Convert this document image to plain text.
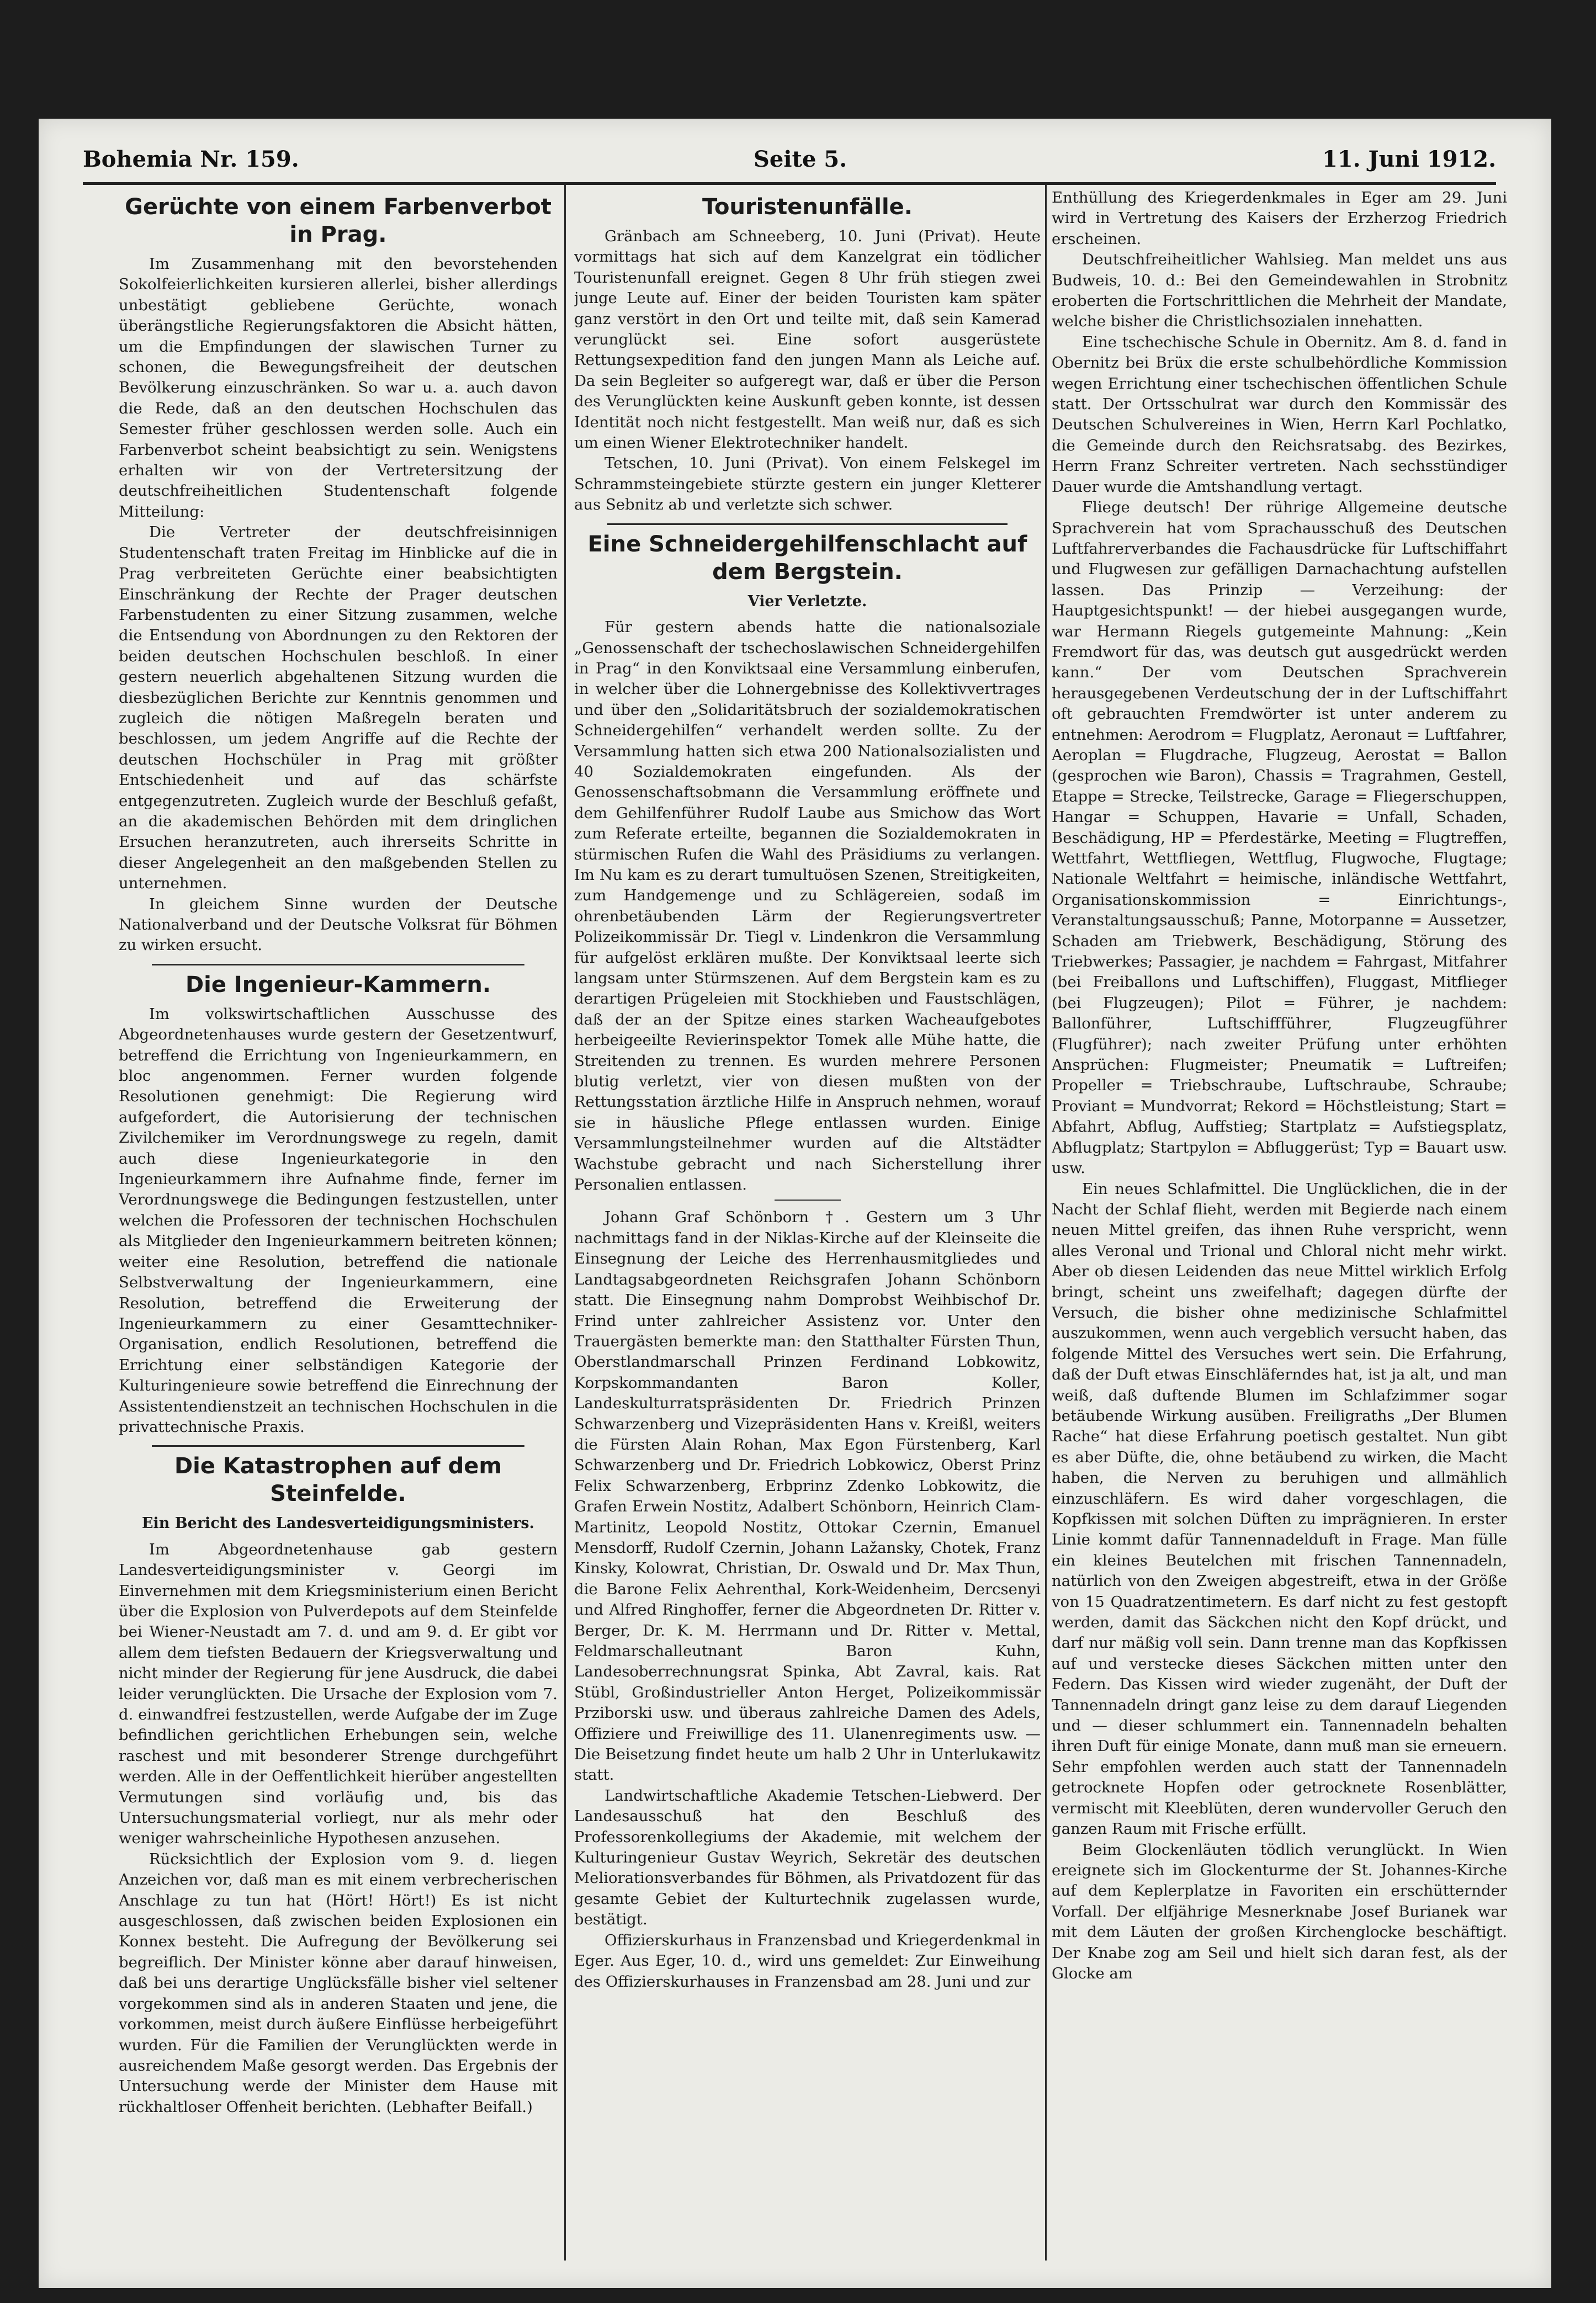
Bohemia Nr. 159.	Seite 5.	11. Juni 1912.
Gerüchte von einem Farbenverbot in Prag.

Im Zusammenhang mit den bevorstehenden Sokolfeierlichkeiten kursieren allerlei, bisher allerdings unbestätigt gebliebene Gerüchte, wonach überängstliche Regierungsfaktoren die Absicht hätten, um die Empfindungen der slawischen Turner zu schonen, die Bewegungsfreiheit der deutschen Bevölkerung einzuschränken. So war u. a. auch davon die Rede, daß an den deutschen Hochschulen das Semester früher geschlossen werden solle. Auch ein Farbenverbot scheint beabsichtigt zu sein. Wenigstens erhalten wir von der Vertretersitzung der deutschfreiheitlichen Studentenschaft folgende Mitteilung:

Die Vertreter der deutschfreisinnigen Studentenschaft traten Freitag im Hinblicke auf die in Prag verbreiteten Gerüchte einer beabsichtigten Einschränkung der Rechte der Prager deutschen Farbenstudenten zu einer Sitzung zusammen, welche die Entsendung von Abordnungen zu den Rektoren der beiden deutschen Hochschulen beschloß. In einer gestern neuerlich abgehaltenen Sitzung wurden die diesbezüglichen Berichte zur Kenntnis genommen und zugleich die nötigen Maßregeln beraten und beschlossen, um jedem Angriffe auf die Rechte der deutschen Hochschüler in Prag mit größter Entschiedenheit und auf das schärfste entgegenzutreten. Zugleich wurde der Beschluß gefaßt, an die akademischen Behörden mit dem dringlichen Ersuchen heranzutreten, auch ihrerseits Schritte in dieser Angelegenheit an den maßgebenden Stellen zu unternehmen.

In gleichem Sinne wurden der Deutsche Nationalverband und der Deutsche Volksrat für Böhmen zu wirken ersucht.

Die Ingenieur-Kammern.

Im volkswirtschaftlichen Ausschusse des Abgeordnetenhauses wurde gestern der Gesetzentwurf, betreffend die Errichtung von Ingenieurkammern, en bloc angenommen. Ferner wurden folgende Resolutionen genehmigt: Die Regierung wird aufgefordert, die Autorisierung der technischen Zivilchemiker im Verordnungswege zu regeln, damit auch diese Ingenieurkategorie in den Ingenieurkammern ihre Aufnahme finde, ferner im Verordnungswege die Bedingungen festzustellen, unter welchen die Professoren der technischen Hochschulen als Mitglieder den Ingenieurkammern beitreten können; weiter eine Resolution, betreffend die nationale Selbstverwaltung der Ingenieurkammern, eine Resolution, betreffend die Erweiterung der Ingenieurkammern zu einer Gesamttechniker-Organisation, endlich Resolutionen, betreffend die Errichtung einer selbständigen Kategorie der Kulturingenieure sowie betreffend die Einrechnung der Assistentendienstzeit an technischen Hochschulen in die privattechnische Praxis.

Die Katastrophen auf dem Steinfelde.
Ein Bericht des Landesverteidigungsministers.

Im Abgeordnetenhause gab gestern Landesverteidigungsminister v. Georgi im Einvernehmen mit dem Kriegsministerium einen Bericht über die Explosion von Pulverdepots auf dem Steinfelde bei Wiener-Neustadt am 7. d. und am 9. d. Er gibt vor allem dem tiefsten Bedauern der Kriegsverwaltung und nicht minder der Regierung für jene Ausdruck, die dabei leider verunglückten. Die Ursache der Explosion vom 7. d. einwandfrei festzustellen, werde Aufgabe der im Zuge befindlichen gerichtlichen Erhebungen sein, welche raschest und mit besonderer Strenge durchgeführt werden. Alle in der Oeffentlichkeit hierüber angestellten Vermutungen sind vorläufig und, bis das Untersuchungsmaterial vorliegt, nur als mehr oder weniger wahrscheinliche Hypothesen anzusehen.

Rücksichtlich der Explosion vom 9. d. liegen Anzeichen vor, daß man es mit einem verbrecherischen Anschlage zu tun hat (Hört! Hört!) Es ist nicht ausgeschlossen, daß zwischen beiden Explosionen ein Konnex besteht. Die Aufregung der Bevölkerung sei begreiflich. Der Minister könne aber darauf hinweisen, daß bei uns derartige Unglücksfälle bisher viel seltener vorgekommen sind als in anderen Staaten und jene, die vorkommen, meist durch äußere Einflüsse herbeigeführt wurden. Für die Familien der Verunglückten werde in ausreichendem Maße gesorgt werden. Das Ergebnis der Untersuchung werde der Minister dem Hause mit rückhaltloser Offenheit berichten. (Lebhafter Beifall.)

Touristenunfälle.

Gränbach am Schneeberg, 10. Juni (Privat). Heute vormittags hat sich auf dem Kanzelgrat ein tödlicher Touristenunfall ereignet. Gegen 8 Uhr früh stiegen zwei junge Leute auf. Einer der beiden Touristen kam später ganz verstört in den Ort und teilte mit, daß sein Kamerad verunglückt sei. Eine sofort ausgerüstete Rettungsexpedition fand den jungen Mann als Leiche auf. Da sein Begleiter so aufgeregt war, daß er über die Person des Verunglückten keine Auskunft geben konnte, ist dessen Identität noch nicht festgestellt. Man weiß nur, daß es sich um einen Wiener Elektrotechniker handelt.

Tetschen, 10. Juni (Privat). Von einem Felskegel im Schrammsteingebiete stürzte gestern ein junger Kletterer aus Sebnitz ab und verletzte sich schwer.

Eine Schneidergehilfenschlacht auf dem Bergstein.
Vier Verletzte.

Für gestern abends hatte die nationalsoziale „Genossenschaft der tschechoslawischen Schneidergehilfen in Prag“ in den Konviktsaal eine Versammlung einberufen, in welcher über die Lohnergebnisse des Kollektivvertrages und über den „Solidaritätsbruch der sozialdemokratischen Schneidergehilfen“ verhandelt werden sollte. Zu der Versammlung hatten sich etwa 200 Nationalsozialisten und 40 Sozialdemokraten eingefunden. Als der Genossenschaftsobmann die Versammlung eröffnete und dem Gehilfenführer Rudolf Laube aus Smichow das Wort zum Referate erteilte, begannen die Sozialdemokraten in stürmischen Rufen die Wahl des Präsidiums zu verlangen. Im Nu kam es zu derart tumultuösen Szenen, Streitigkeiten, zum Handgemenge und zu Schlägereien, sodaß im ohrenbetäubenden Lärm der Regierungsvertreter Polizeikommissär Dr. Tiegl v. Lindenkron die Versammlung für aufgelöst erklären mußte. Der Konviktsaal leerte sich langsam unter Stürmszenen. Auf dem Bergstein kam es zu derartigen Prügeleien mit Stockhieben und Faustschlägen, daß der an der Spitze eines starken Wacheaufgebotes herbeigeeilte Revierinspektor Tomek alle Mühe hatte, die Streitenden zu trennen. Es wurden mehrere Personen blutig verletzt, vier von diesen mußten von der Rettungsstation ärztliche Hilfe in Anspruch nehmen, worauf sie in häusliche Pflege entlassen wurden. Einige Versammlungsteilnehmer wurden auf die Altstädter Wachstube gebracht und nach Sicherstellung ihrer Personalien entlassen.

Johann Graf Schönborn †. Gestern um 3 Uhr nachmittags fand in der Niklas-Kirche auf der Kleinseite die Einsegnung der Leiche des Herrenhausmitgliedes und Landtagsabgeordneten Reichsgrafen Johann Schönborn statt. Die Einsegnung nahm Domprobst Weihbischof Dr. Frind unter zahlreicher Assistenz vor. Unter den Trauergästen bemerkte man: den Statthalter Fürsten Thun, Oberstlandmarschall Prinzen Ferdinand Lobkowitz, Korpskommandanten Baron Koller, Landeskulturratspräsidenten Dr. Friedrich Prinzen Schwarzenberg und Vizepräsidenten Hans v. Kreißl, weiters die Fürsten Alain Rohan, Max Egon Fürstenberg, Karl Schwarzenberg und Dr. Friedrich Lobkowicz, Oberst Prinz Felix Schwarzenberg, Erbprinz Zdenko Lobkowitz, die Grafen Erwein Nostitz, Adalbert Schönborn, Heinrich Clam-Martinitz, Leopold Nostitz, Ottokar Czernin, Emanuel Mensdorff, Rudolf Czernin, Johann Lažansky, Chotek, Franz Kinsky, Kolowrat, Christian, Dr. Oswald und Dr. Max Thun, die Barone Felix Aehrenthal, Kork-Weidenheim, Dercsenyi und Alfred Ringhoffer, ferner die Abgeordneten Dr. Ritter v. Berger, Dr. K. M. Herrmann und Dr. Ritter v. Mettal, Feldmarschalleutnant Baron Kuhn, Landesoberrechnungsrat Spinka, Abt Zavral, kais. Rat Stübl, Großindustrieller Anton Herget, Polizeikommissär Prziborski usw. und überaus zahlreiche Damen des Adels, Offiziere und Freiwillige des 11. Ulanenregiments usw. — Die Beisetzung findet heute um halb 2 Uhr in Unterlukawitz statt.

Landwirtschaftliche Akademie Tetschen-Liebwerd. Der Landesausschuß hat den Beschluß des Professorenkollegiums der Akademie, mit welchem der Kulturingenieur Gustav Weyrich, Sekretär des deutschen Meliorationsverbandes für Böhmen, als Privatdozent für das gesamte Gebiet der Kulturtechnik zugelassen wurde, bestätigt.

Offizierskurhaus in Franzensbad und Kriegerdenkmal in Eger. Aus Eger, 10. d., wird uns gemeldet: Zur Einweihung des Offizierskurhauses in Franzensbad am 28. Juni und zur

Enthüllung des Kriegerdenkmales in Eger am 29. Juni wird in Vertretung des Kaisers der Erzherzog Friedrich erscheinen.

Deutschfreiheitlicher Wahlsieg. Man meldet uns aus Budweis, 10. d.: Bei den Gemeindewahlen in Strobnitz eroberten die Fortschrittlichen die Mehrheit der Mandate, welche bisher die Christlichsozialen innehatten.

Eine tschechische Schule in Obernitz. Am 8. d. fand in Obernitz bei Brüx die erste schulbehördliche Kommission wegen Errichtung einer tschechischen öffentlichen Schule statt. Der Ortsschulrat war durch den Kommissär des Deutschen Schulvereines in Wien, Herrn Karl Pochlatko, die Gemeinde durch den Reichsratsabg. des Bezirkes, Herrn Franz Schreiter vertreten. Nach sechsstündiger Dauer wurde die Amtshandlung vertagt.

Fliege deutsch! Der rührige Allgemeine deutsche Sprachverein hat vom Sprachausschuß des Deutschen Luftfahrerverbandes die Fachausdrücke für Luftschiffahrt und Flugwesen zur gefälligen Darnachachtung aufstellen lassen. Das Prinzip — Verzeihung: der Hauptgesichtspunkt! — der hiebei ausgegangen wurde, war Hermann Riegels gutgemeinte Mahnung: „Kein Fremdwort für das, was deutsch gut ausgedrückt werden kann.“ Der vom Deutschen Sprachverein herausgegebenen Verdeutschung der in der Luftschiffahrt oft gebrauchten Fremdwörter ist unter anderem zu entnehmen: Aerodrom = Flugplatz, Aeronaut = Luftfahrer, Aeroplan = Flugdrache, Flugzeug, Aerostat = Ballon (gesprochen wie Baron), Chassis = Tragrahmen, Gestell, Etappe = Strecke, Teilstrecke, Garage = Fliegerschuppen, Hangar = Schuppen, Havarie = Unfall, Schaden, Beschädigung, HP = Pferdestärke, Meeting = Flugtreffen, Wettfahrt, Wettfliegen, Wettflug, Flugwoche, Flugtage; Nationale Weltfahrt = heimische, inländische Wettfahrt, Organisationskommission = Einrichtungs-, Veranstaltungsausschuß; Panne, Motorpanne = Aussetzer, Schaden am Triebwerk, Beschädigung, Störung des Triebwerkes; Passagier, je nachdem = Fahrgast, Mitfahrer (bei Freiballons und Luftschiffen), Fluggast, Mitflieger (bei Flugzeugen); Pilot = Führer, je nachdem: Ballonführer, Luftschiffführer, Flugzeugführer (Flugführer); nach zweiter Prüfung unter erhöhten Ansprüchen: Flugmeister; Pneumatik = Luftreifen; Propeller = Triebschraube, Luftschraube, Schraube; Proviant = Mundvorrat; Rekord = Höchstleistung; Start = Abfahrt, Abflug, Auffstieg; Startplatz = Aufstiegsplatz, Abflugplatz; Startpylon = Abfluggerüst; Typ = Bauart usw. usw.

Ein neues Schlafmittel. Die Unglücklichen, die in der Nacht der Schlaf flieht, werden mit Begierde nach einem neuen Mittel greifen, das ihnen Ruhe verspricht, wenn alles Veronal und Trional und Chloral nicht mehr wirkt. Aber ob diesen Leidenden das neue Mittel wirklich Erfolg bringt, scheint uns zweifelhaft; dagegen dürfte der Versuch, die bisher ohne medizinische Schlafmittel auszukommen, wenn auch vergeblich versucht haben, das folgende Mittel des Versuches wert sein. Die Erfahrung, daß der Duft etwas Einschläferndes hat, ist ja alt, und man weiß, daß duftende Blumen im Schlafzimmer sogar betäubende Wirkung ausüben. Freiligraths „Der Blumen Rache“ hat diese Erfahrung poetisch gestaltet. Nun gibt es aber Düfte, die, ohne betäubend zu wirken, die Macht haben, die Nerven zu beruhigen und allmählich einzuschläfern. Es wird daher vorgeschlagen, die Kopfkissen mit solchen Düften zu imprägnieren. In erster Linie kommt dafür Tannennadelduft in Frage. Man fülle ein kleines Beutelchen mit frischen Tannennadeln, natürlich von den Zweigen abgestreift, etwa in der Größe von 15 Quadratzentimetern. Es darf nicht zu fest gestopft werden, damit das Säckchen nicht den Kopf drückt, und darf nur mäßig voll sein. Dann trenne man das Kopfkissen auf und verstecke dieses Säckchen mitten unter den Federn. Das Kissen wird wieder zugenäht, der Duft der Tannennadeln dringt ganz leise zu dem darauf Liegenden und — dieser schlummert ein. Tannennadeln behalten ihren Duft für einige Monate, dann muß man sie erneuern. Sehr empfohlen werden auch statt der Tannennadeln getrocknete Hopfen oder getrocknete Rosenblätter, vermischt mit Kleeblüten, deren wundervoller Geruch den ganzen Raum mit Frische erfüllt.

Beim Glockenläuten tödlich verunglückt. In Wien ereignete sich im Glockenturme der St. Johannes-Kirche auf dem Keplerplatze in Favoriten ein erschütternder Vorfall. Der elfjährige Mesnerknabe Josef Burianek war mit dem Läuten der großen Kirchenglocke beschäftigt. Der Knabe zog am Seil und hielt sich daran fest, als der Glocke am
